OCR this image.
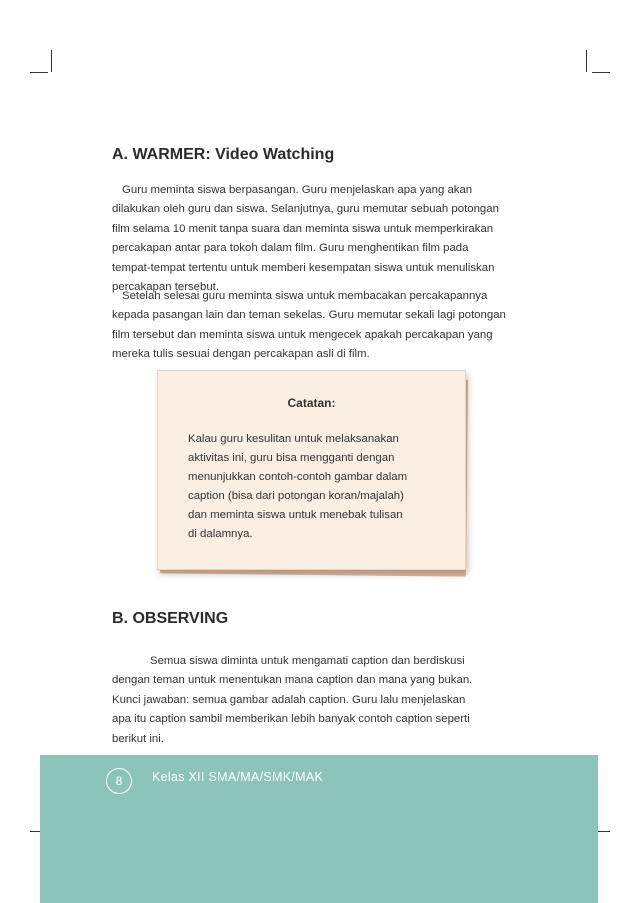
A. WARMER: Video Watching

Guru meminta siswa berpasangan. Guru menjelaskan apa yang akan
dilakukan oleh guru dan siswa. Selanjutnya, guru memutar sebuah potongan
film selama 10 menit tanpa suara dan meminta siswa untuk memperkirakan
percakapan antar para tokoh dalam film. Guru menghentikan film pada
tempat-tempat tertentu untuk memberi kesempatan siswa untuk menuliskan
percakapan tersebut.

Setelah selesai guru meminta siswa untuk membacakan percakapannya
kepada pasangan lain dan teman sekelas. Guru memutar sekali lagi potongan
film tersebut dan meminta siswa untuk mengecek apakah percakapan yang
mereka tulis sesuai dengan percakapan asli di film.

Catatan:

Kalau guru kesulitan untuk melaksanakan
aktivitas ini, guru bisa mengganti dengan
menunjukkan contoh-contoh gambar dalam
caption (bisa dari potongan koran/majalah)
dan meminta siswa untuk menebak tulisan
di dalamnya.

B. OBSERVING

Semua siswa diminta untuk mengamati caption dan berdiskusi
dengan teman untuk menentukan mana caption dan mana yang bukan.
Kunci jawaban: semua gambar adalah caption. Guru lalu menjelaskan
apa itu caption sambil memberikan lebih banyak contoh caption seperti
berikut ini.

8	Kelas XII SMA/MA/SMK/MAK
